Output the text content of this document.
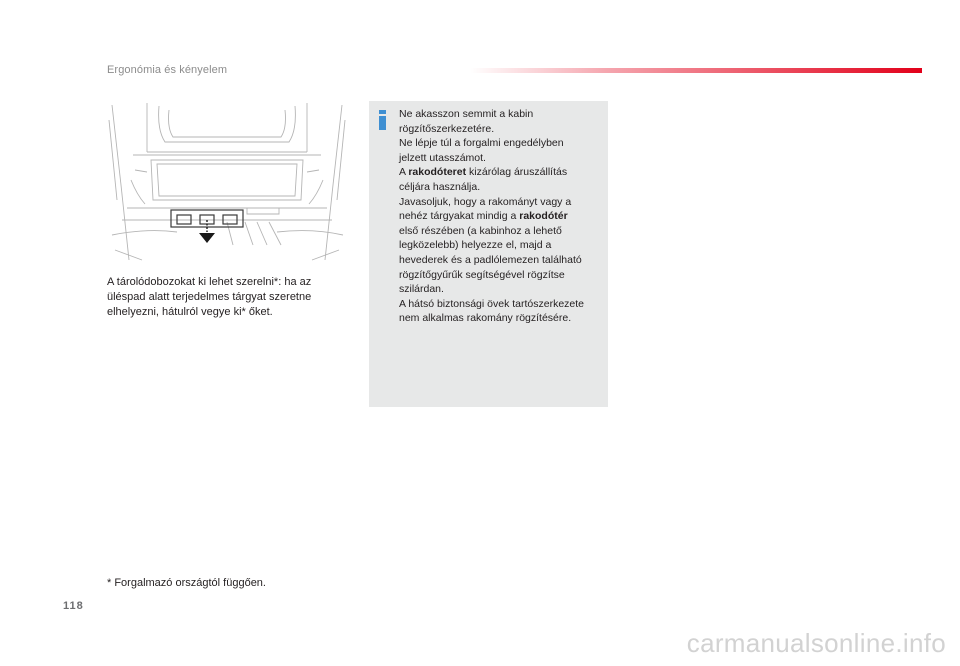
Ergonómia és kényelem

A tárolódobozokat ki lehet szerelni*: ha az

üléspad alatt terjedelmes tárgyat szeretne

elhelyezni, hátulról vegye ki* őket.

Ne akasszon semmit a kabin

rögzítőszerkezetére.

Ne lépje túl a forgalmi engedélyben

jelzett utasszámot.

A rakodóteret kizárólag áruszállítás

céljára használja.

Javasoljuk, hogy a rakományt vagy a

nehéz tárgyakat mindig a rakodótér

első részében (a kabinhoz a lehető

legközelebb) helyezze el, majd a

hevederek és a padlólemezen található

rögzítőgyűrűk segítségével rögzítse

szilárdan.

A hátsó biztonsági övek tartószerkezete

nem alkalmas rakomány rögzítésére.

* Forgalmazó országtól függően.
118
carmanualsonline.info
